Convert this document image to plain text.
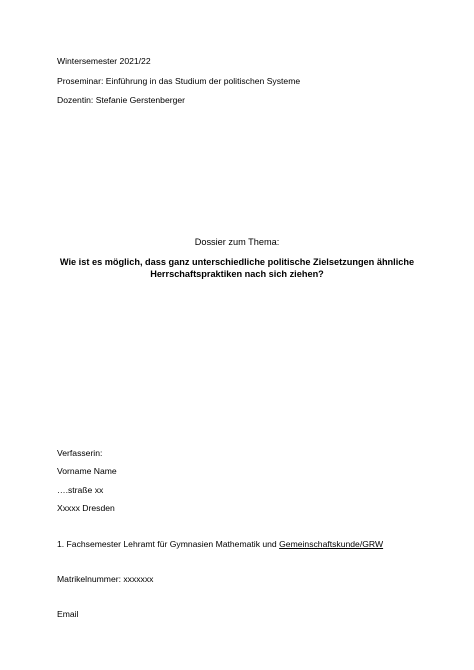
Wintersemester 2021/22
Proseminar: Einführung in das Studium der politischen Systeme
Dozentin: Stefanie Gerstenberger
Dossier zum Thema:
Wie ist es möglich, dass ganz unterschiedliche politische Zielsetzungen ähnliche
Herrschaftspraktiken nach sich ziehen?
Verfasserin:
Vorname Name
….straße xx
Xxxxx Dresden
1. Fachsemester Lehramt für Gymnasien Mathematik und Gemeinschaftskunde/GRW
Matrikelnummer: xxxxxxx
Email
